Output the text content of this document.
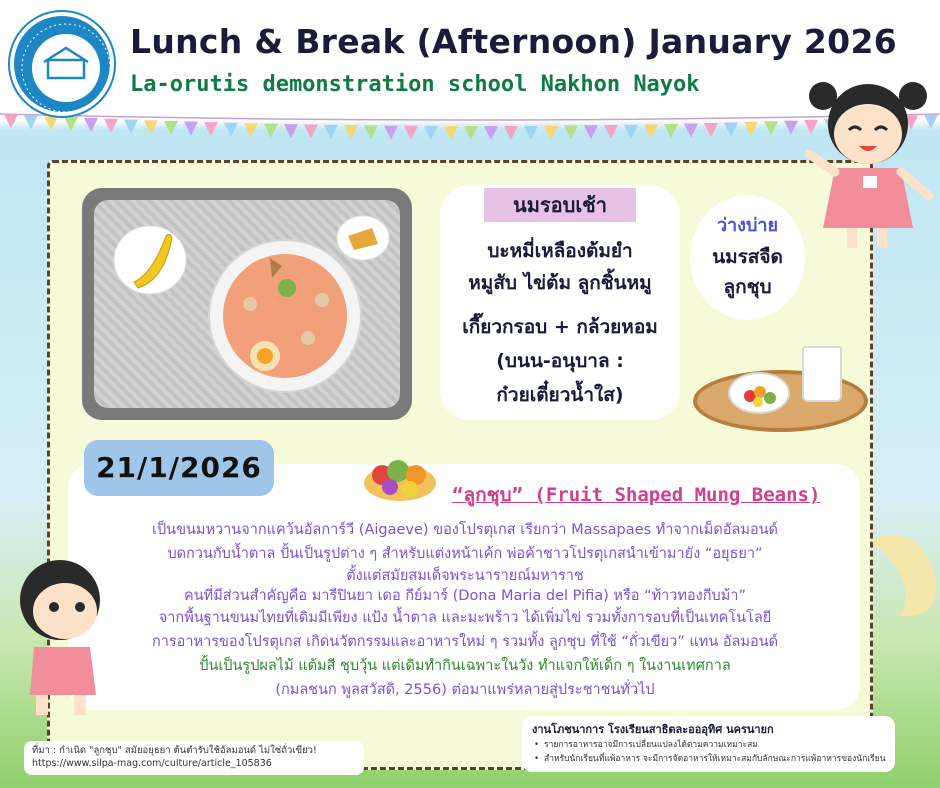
Lunch & Break (Afternoon) January 2026
La-orutis demonstration school Nakhon Nayok
นมรอบเช้า
บะหมี่เหลืองต้มยำ
หมูสับ ไข่ต้ม ลูกชิ้นหมู
เกี๊ยวกรอบ + กล้วยหอม
(บนน-อนุบาล :
ก๋วยเตี๋ยวน้ำใส)
ว่างบ่าย
นมรสจืด
ลูกชุบ
21/1/2026
“ลูกชุบ” (Fruit Shaped Mung Beans)
เป็นขนมหวานจากแคว้นอัลการ์วี (Aigaeve) ของโปรตุเกส เรียกว่า Massapaes ทำจากเม็ดอัลมอนด์
บดกวนกับน้ำตาล ปั้นเป็นรูปต่าง ๆ สำหรับแต่งหน้าเค้ก พ่อค้าชาวโปรตุเกสนำเข้ามายัง “อยุธยา”
ตั้งแต่สมัยสมเด็จพระนารายณ์มหาราช
คนที่มีส่วนสำคัญคือ มารีปินยา เดอ กีย์มาร์ (Dona Maria del Pifia) หรือ “ท้าวทองกีบม้า”
จากพื้นฐานขนมไทยที่เดิมมีเพียง แป้ง น้ำตาล และมะพร้าว ได้เพิ่มไข่ รวมทั้งการอบที่เป็นเทคโนโลยี
การอาหารของโปรตุเกส เกิดนวัตกรรมและอาหารใหม่ ๆ รวมทั้ง ลูกชุบ ที่ใช้ “ถั่วเขียว” แทน อัลมอนด์
ปั้นเป็นรูปผลไม้ แต้มสี ชุบวุ้น แต่เดิมทำกินเฉพาะในวัง ทำแจกให้เด็ก ๆ ในงานเทศกาล
(กมลชนก พูลสวัสดิ, 2556) ต่อมาแพร่หลายสู่ประชาชนทั่วไป
ที่มา : กำเนิด "ลูกชุบ" สมัยอยุธยา ต้นตำรับใช้อัลมอนด์ ไม่ใช่ถั่วเขียว!
https://www.silpa-mag.com/culture/article_105836
งานโภชนาการ โรงเรียนสาธิตละอออุทิศ นครนายก
• รายการอาหารอาจมีการเปลี่ยนแปลงได้ตามความเหมาะสม
• สำหรับนักเรียนที่แพ้อาหาร จะมีการจัดอาหารให้เหมาะสมกับลักษณะการแพ้อาหารของนักเรียน
